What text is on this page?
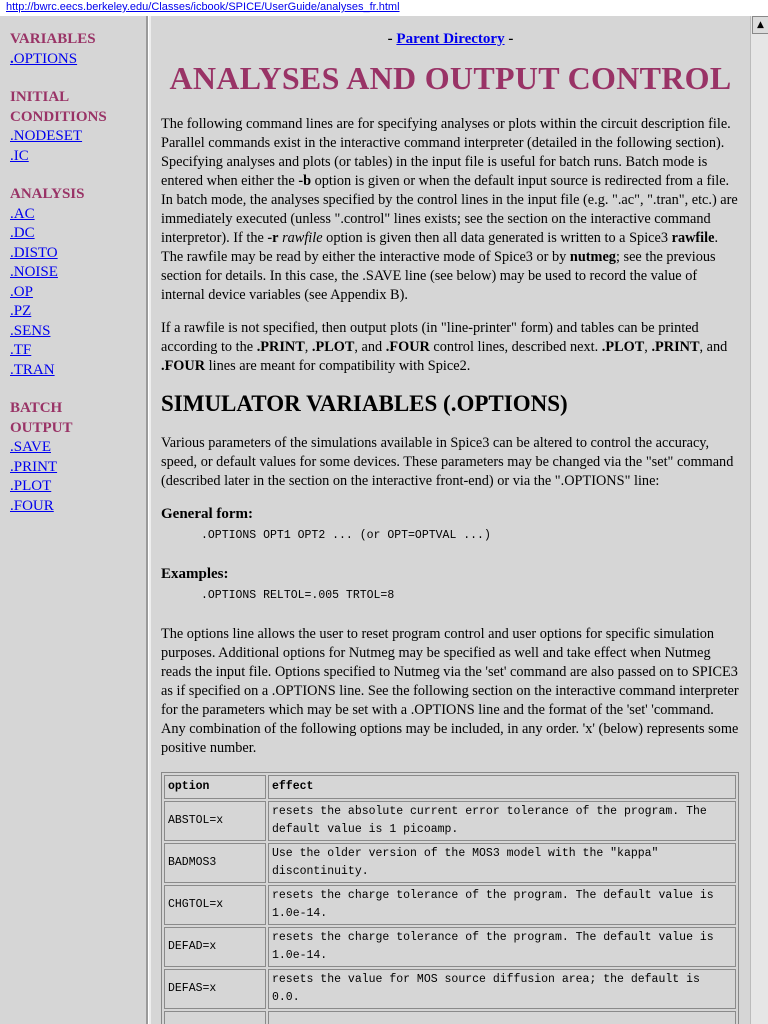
http://bwrc.eecs.berkeley.edu/Classes/icbook/SPICE/UserGuide/analyses_fr.html
VARIABLES
.OPTIONS
INITIAL
CONDITIONS
.NODESET
.IC
ANALYSIS
.AC
.DC
.DISTO
.NOISE
.OP
.PZ
.SENS
.TF
.TRAN
BATCH
OUTPUT
.SAVE
.PRINT
.PLOT
.FOUR
- Parent Directory -
ANALYSES AND OUTPUT CONTROL

The following command lines are for specifying analyses or plots within the circuit description file. Parallel commands exist in the interactive command interpreter (detailed in the following section). Specifying analyses and plots (or tables) in the input file is useful for batch runs. Batch mode is entered when either the -b option is given or when the default input source is redirected from a file. In batch mode, the analyses specified by the control lines in the input file (e.g. ".ac", ".tran", etc.) are immediately executed (unless ".control" lines exists; see the section on the interactive command interpretor). If the -r rawfile option is given then all data generated is written to a Spice3 rawfile. The rawfile may be read by either the interactive mode of Spice3 or by nutmeg; see the previous section for details. In this case, the .SAVE line (see below) may be used to record the value of internal device variables (see Appendix B).

If a rawfile is not specified, then output plots (in "line-printer" form) and tables can be printed according to the .PRINT, .PLOT, and .FOUR control lines, described next. .PLOT, .PRINT, and .FOUR lines are meant for compatibility with Spice2.

SIMULATOR VARIABLES (.OPTIONS)

Various parameters of the simulations available in Spice3 can be altered to control the accuracy, speed, or default values for some devices. These parameters may be changed via the "set" command (described later in the section on the interactive front-end) or via the ".OPTIONS" line:

General form:

.OPTIONS OPT1 OPT2 ... (or OPT=OPTVAL ...)

Examples:

.OPTIONS RELTOL=.005 TRTOL=8

The options line allows the user to reset program control and user options for specific simulation purposes. Additional options for Nutmeg may be specified as well and take effect when Nutmeg reads the input file. Options specified to Nutmeg via the 'set' command are also passed on to SPICE3 as if specified on a .OPTIONS line. See the following section on the interactive command interpreter for the parameters which may be set with a .OPTIONS line and the format of the 'set' 'command. Any combination of the following options may be included, in any order. 'x' (below) represents some positive number.

option	effect
ABSTOL=x	resets the absolute current error tolerance of the program. The default value is 1 picoamp.
BADMOS3	Use the older version of the MOS3 model with the "kappa" discontinuity.
CHGTOL=x	resets the charge tolerance of the program. The default value is 1.0e-14.
DEFAD=x	resets the charge tolerance of the program. The default value is 1.0e-14.
DEFAS=x	resets the value for MOS source diffusion area; the default is 0.0.

▲
